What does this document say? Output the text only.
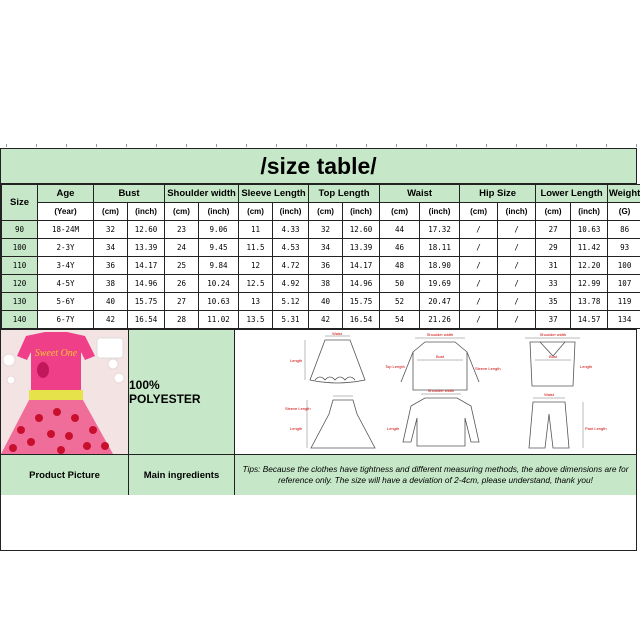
/size table/
Size	Age	Bust		Shoulder width		Sleeve Length		Top Length		Waist		Hip Size		Lower Length		Weight
	(Year)	(cm)	(inch)	(cm)	(inch)	(cm)	(inch)	(cm)	(inch)	(cm)	(inch)	(cm)	(inch)	(cm)	(inch)	(G)
90	18-24M	32	12.60	23	9.06	11	4.33	32	12.60	44	17.32	/	/	27	10.63	86
100	2-3Y	34	13.39	24	9.45	11.5	4.53	34	13.39	46	18.11	/	/	29	11.42	93
110	3-4Y	36	14.17	25	9.84	12	4.72	36	14.17	48	18.90	/	/	31	12.20	100
120	4-5Y	38	14.96	26	10.24	12.5	4.92	38	14.96	50	19.69	/	/	33	12.99	107
130	5-6Y	40	15.75	27	10.63	13	5.12	40	15.75	52	20.47	/	/	35	13.78	119
140	6-7Y	42	16.54	28	11.02	13.5	5.31	42	16.54	54	21.26	/	/	37	14.57	134
Sweet One
100% POLYESTER
Waist
Length
Shoulder width
Bust
Top Length	Sleeve Length
Shoulder width
Bust
Length
Sleeve Length
Length
Shoulder width
Length
Waist
Pant Length
Product Picture	Main ingredients
Tips: Because the clothes have tightness and different measuring methods, the above dimensions are for reference only. The size will have a deviation of 2-4cm, please understand, thank you!
